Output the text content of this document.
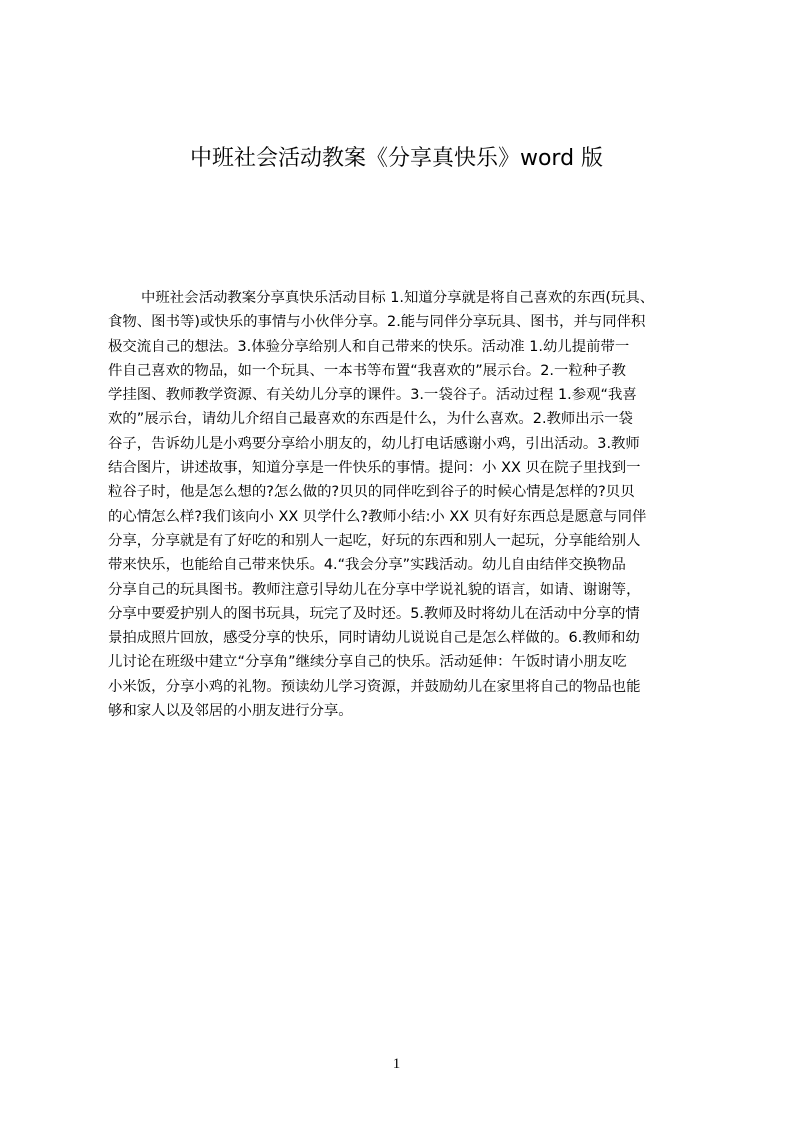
中班社会活动教案《分享真快乐》word 版
中班社会活动教案分享真快乐活动目标 1.知道分享就是将自己喜欢的东西(玩具、
食物、图书等)或快乐的事情与小伙伴分享。2.能与同伴分享玩具、图书，并与同伴积
极交流自己的想法。3.体验分享给别人和自己带来的快乐。活动准 1.幼儿提前带一
件自己喜欢的物品，如一个玩具、一本书等布置“我喜欢的”展示台。2.一粒种子教
学挂图、教师教学资源、有关幼儿分享的课件。3.一袋谷子。活动过程 1.参观“我喜
欢的”展示台，请幼儿介绍自己最喜欢的东西是什么，为什么喜欢。2.教师出示一袋
谷子，告诉幼儿是小鸡要分享给小朋友的，幼儿打电话感谢小鸡，引出活动。3.教师
结合图片，讲述故事，知道分享是一件快乐的事情。提问：小 XX 贝在院子里找到一
粒谷子时，他是怎么想的?怎么做的?贝贝的同伴吃到谷子的时候心情是怎样的?贝贝
的心情怎么样?我们该向小 XX 贝学什么?教师小结:小 XX 贝有好东西总是愿意与同伴
分享，分享就是有了好吃的和别人一起吃，好玩的东西和别人一起玩，分享能给别人
带来快乐，也能给自己带来快乐。4.“我会分享”实践活动。幼儿自由结伴交换物品
分享自己的玩具图书。教师注意引导幼儿在分享中学说礼貌的语言，如请、谢谢等，
分享中要爱护别人的图书玩具，玩完了及时还。5.教师及时将幼儿在活动中分享的情
景拍成照片回放，感受分享的快乐，同时请幼儿说说自己是怎么样做的。6.教师和幼
儿讨论在班级中建立“分享角”继续分享自己的快乐。活动延伸：午饭时请小朋友吃
小米饭，分享小鸡的礼物。预读幼儿学习资源，并鼓励幼儿在家里将自己的物品也能
够和家人以及邻居的小朋友进行分享。
1
